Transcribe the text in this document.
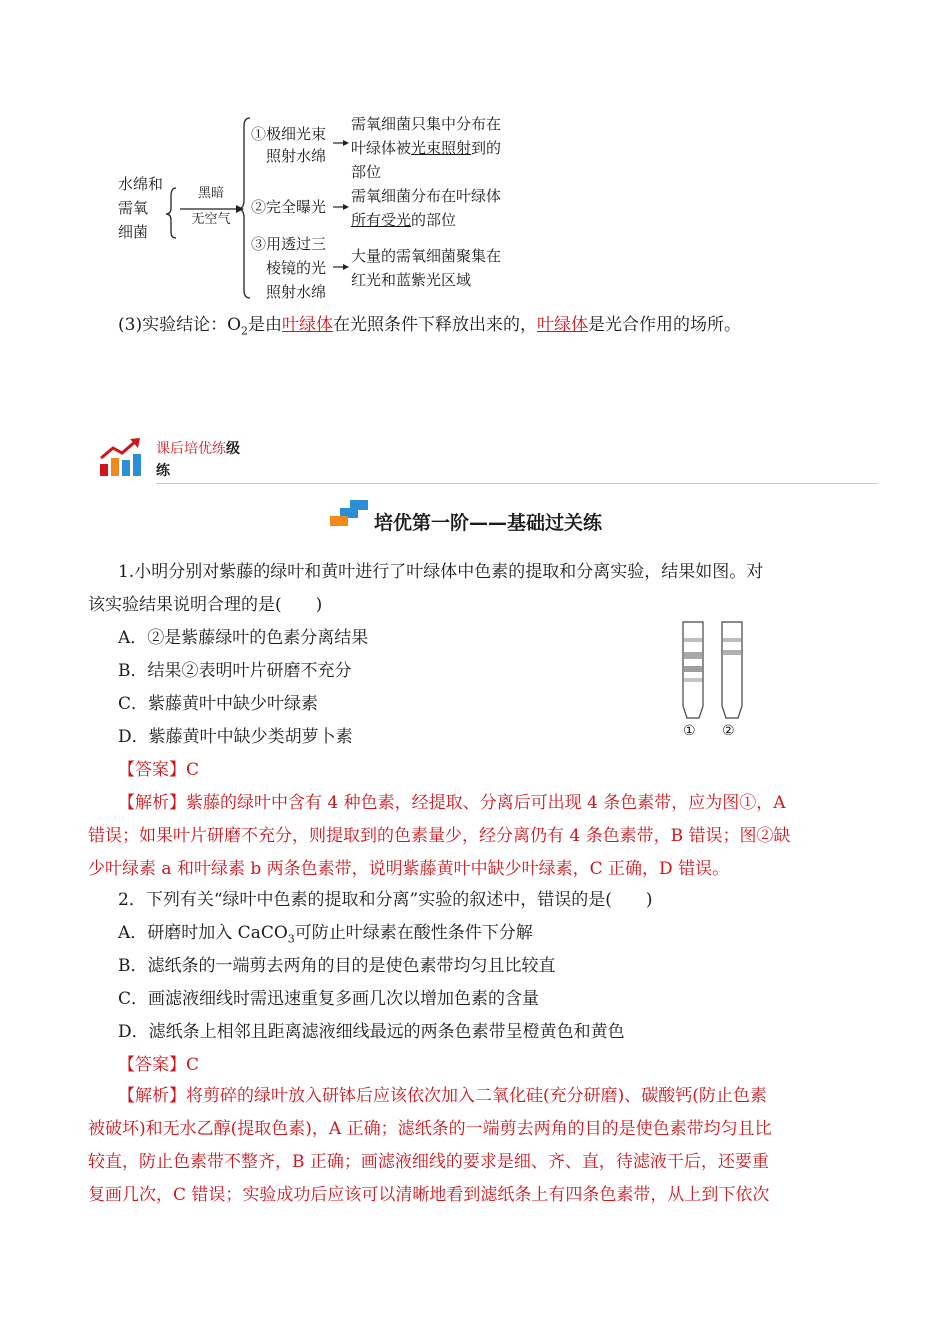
水绵和
需氧
细菌
黑暗
无空气
①极细光束
照射水绵
需氧细菌只集中分布在
叶绿体被光束照射到的
部位
②完全曝光
需氧细菌分布在叶绿体
所有受光的部位
③用透过三
棱镜的光
照射水绵
大量的需氧细菌聚集在
红光和蓝紫光区域
(3)实验结论：$O_2$是由叶绿体在光照条件下释放出来的，叶绿体是光合作用的场所。
课后培优练级
练
培优第一阶——基础过关练
1.小明分别对紫藤的绿叶和黄叶进行了叶绿体中色素的提取和分离实验，结果如图。对
该实验结果说明合理的是(　　)
A．②是紫藤绿叶的色素分离结果
B．结果②表明叶片研磨不充分
C．紫藤黄叶中缺少叶绿素
D．紫藤黄叶中缺少类胡萝卜素	① ②
【答案】C
【解析】紫藤的绿叶中含有 4 种色素，经提取、分离后可出现 4 条色素带，应为图①，A
错误；如果叶片研磨不充分，则提取到的色素量少，经分离仍有 4 条色素带，B 错误；图②缺
少叶绿素 a 和叶绿素 b 两条色素带，说明紫藤黄叶中缺少叶绿素，C 正确，D 错误。
2．下列有关“绿叶中色素的提取和分离”实验的叙述中，错误的是(　　)
A．研磨时加入 CaCO$_3$可防止叶绿素在酸性条件下分解
B．滤纸条的一端剪去两角的目的是使色素带均匀且比较直
C．画滤液细线时需迅速重复多画几次以增加色素的含量
D．滤纸条上相邻且距离滤液细线最远的两条色素带呈橙黄色和黄色
【答案】C
【解析】将剪碎的绿叶放入研钵后应该依次加入二氧化硅(充分研磨)、碳酸钙(防止色素
被破坏)和无水乙醇(提取色素)，A 正确；滤纸条的一端剪去两角的目的是使色素带均匀且比
较直，防止色素带不整齐，B 正确；画滤液细线的要求是细、齐、直，待滤液干后，还要重
复画几次，C 错误；实验成功后应该可以清晰地看到滤纸条上有四条色素带，从上到下依次
